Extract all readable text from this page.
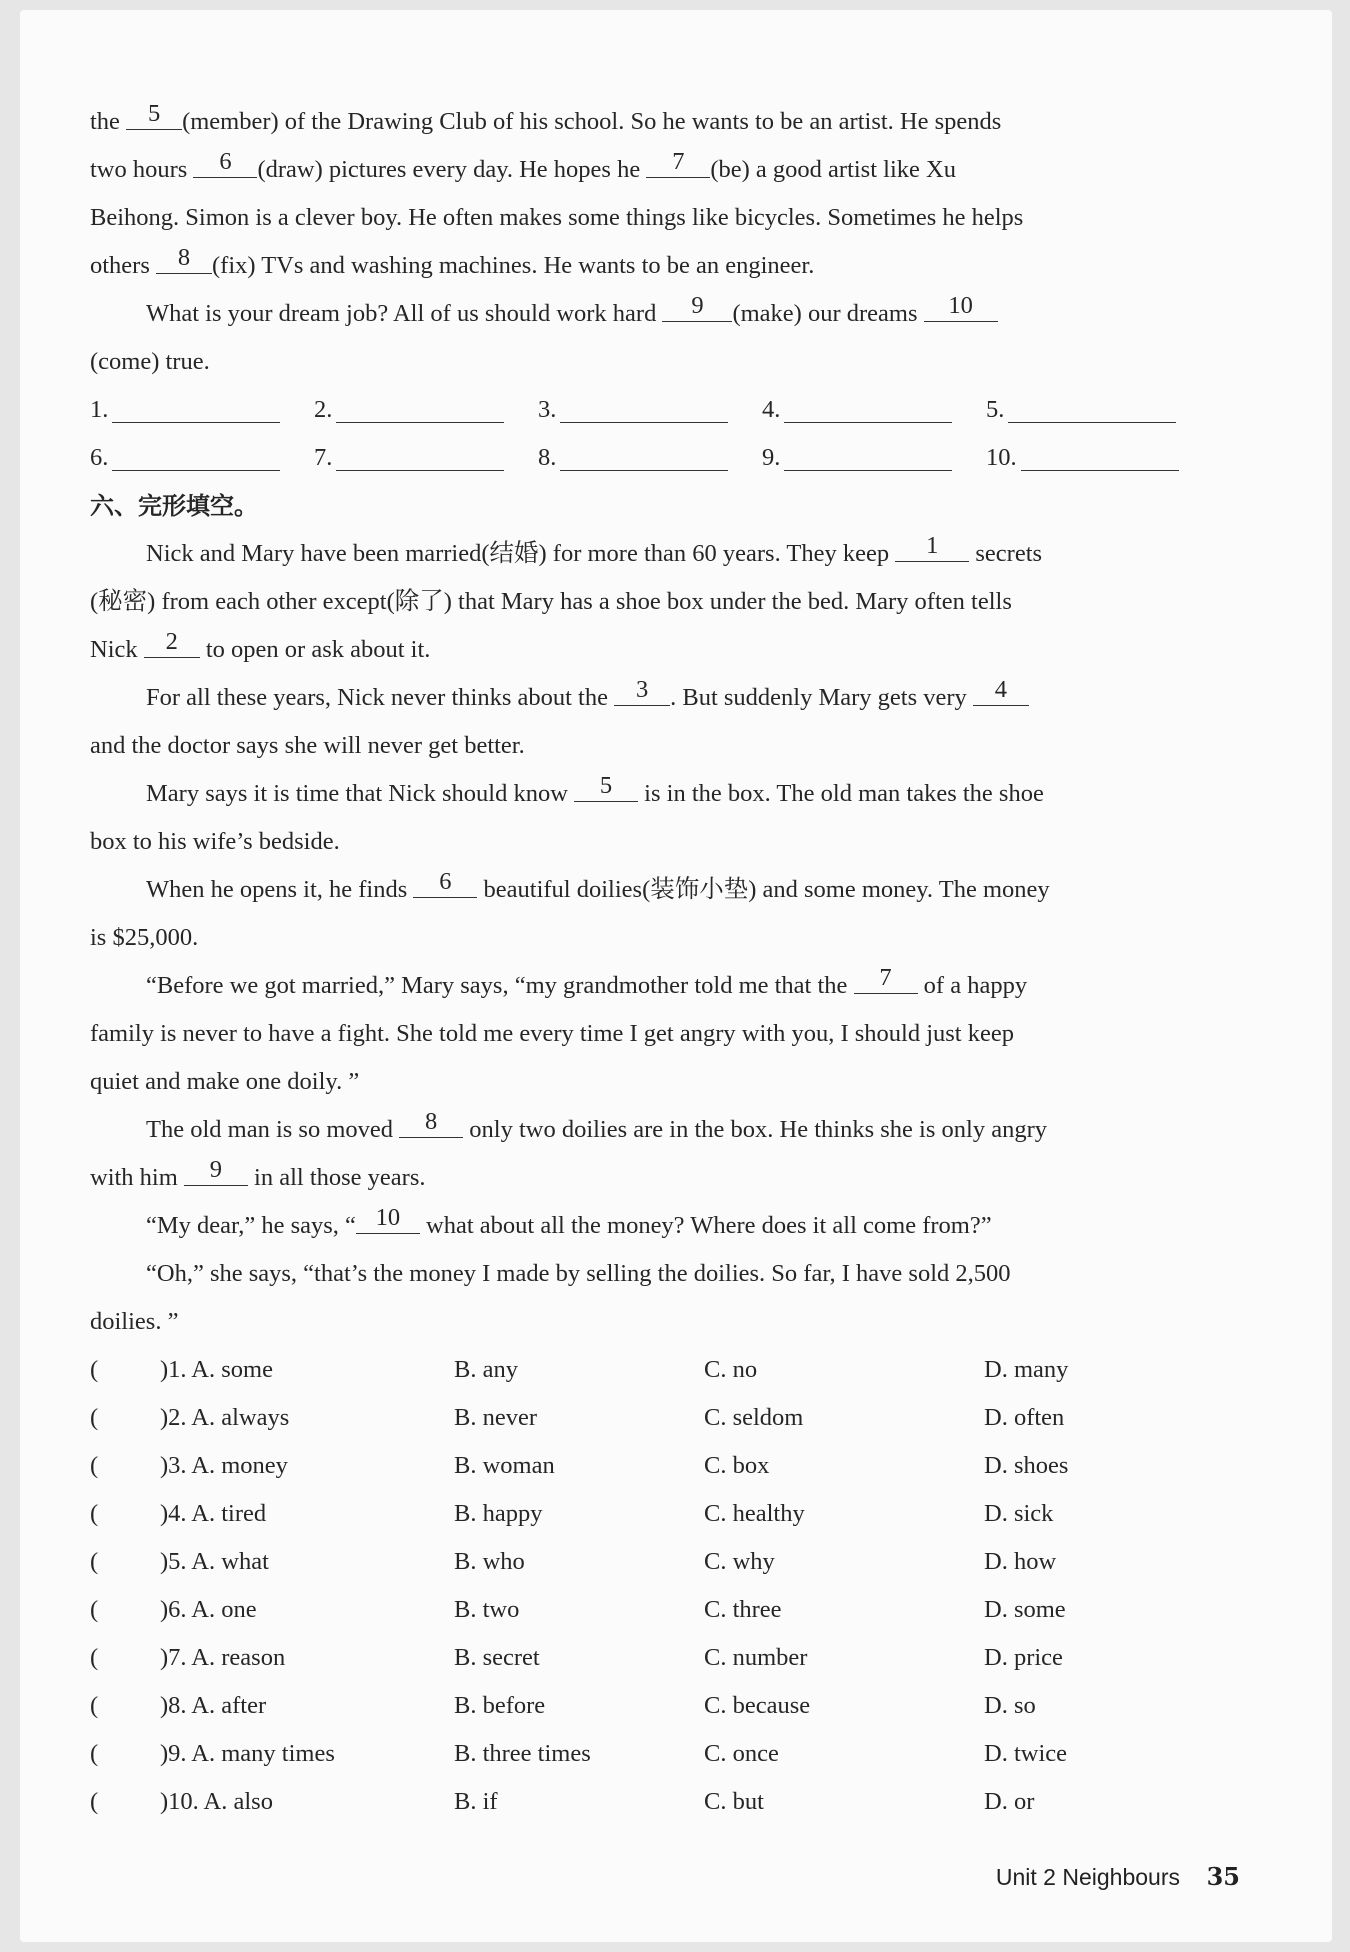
the 5 (member) of the Drawing Club of his school. So he wants to be an artist. He spends
two hours 6 (draw) pictures every day. He hopes he 7 (be) a good artist like Xu
Beihong. Simon is a clever boy. He often makes some things like bicycles. Sometimes he helps
others 8 (fix) TVs and washing machines. He wants to be an engineer.
What is your dream job? All of us should work hard 9 (make) our dreams 10
(come) true.
1.	2.	3.	4.	5.
6.	7.	8.	9.	10.
六、完形填空。
Nick and Mary have been married(结婚) for more than 60 years. They keep 1 secrets
(秘密) from each other except(除了) that Mary has a shoe box under the bed. Mary often tells
Nick 2 to open or ask about it.
For all these years, Nick never thinks about the 3 . But suddenly Mary gets very 4
and the doctor says she will never get better.
Mary says it is time that Nick should know 5 is in the box. The old man takes the shoe
box to his wife’s bedside.
When he opens it, he finds 6 beautiful doilies(装饰小垫) and some money. The money
is $25,000.
“Before we got married,” Mary says, “my grandmother told me that the 7 of a happy
family is never to have a fight. She told me every time I get angry with you, I should just keep
quiet and make one doily. ”
The old man is so moved 8 only two doilies are in the box. He thinks she is only angry
with him 9 in all those years.
“My dear,” he says, “ 10 what about all the money? Where does it all come from?”
“Oh,” she says, “that’s the money I made by selling the doilies. So far, I have sold 2,500
doilies. ”
(	)1. A. some	B. any	C. no	D. many
(	)2. A. always	B. never	C. seldom	D. often
(	)3. A. money	B. woman	C. box	D. shoes
(	)4. A. tired	B. happy	C. healthy	D. sick
(	)5. A. what	B. who	C. why	D. how
(	)6. A. one	B. two	C. three	D. some
(	)7. A. reason	B. secret	C. number	D. price
(	)8. A. after	B. before	C. because	D. so
(	)9. A. many times	B. three times	C. once	D. twice
(	)10. A. also	B. if	C. but	D. or
Unit 2 Neighbours 35
